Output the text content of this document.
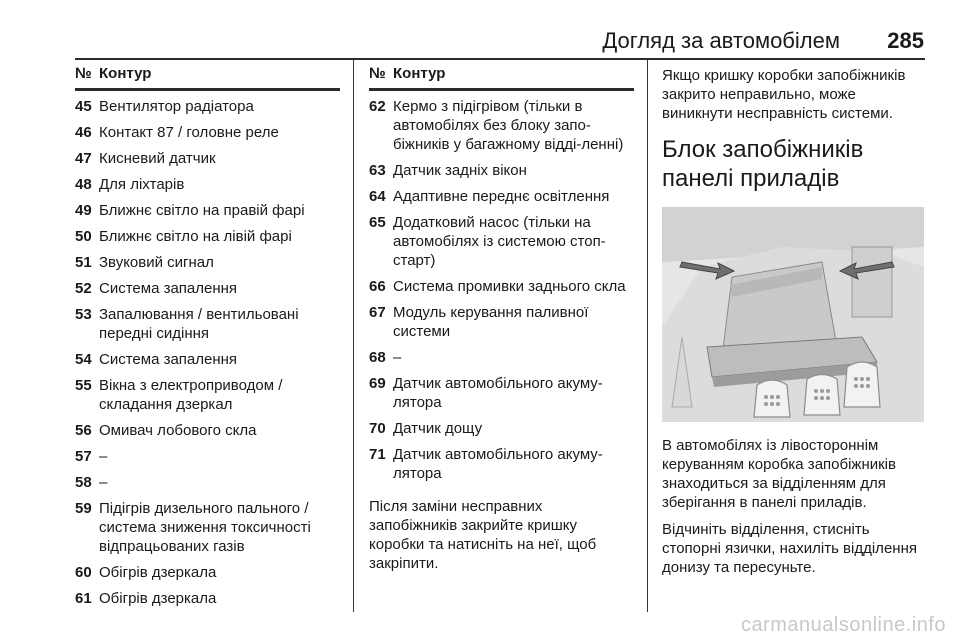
Догляд за автомобілем 285
№ Контур
45 Вентилятор радіатора
46 Контакт 87 / головне реле
47 Кисневий датчик
48 Для ліхтарів
49 Ближнє світло на правій фарі
50 Ближнє світло на лівій фарі
51 Звуковий сигнал
52 Система запалення
53 Запалювання / вентильовані передні сидіння
54 Система запалення
55 Вікна з електроприводом / складання дзеркал
56 Омивач лобового скла
57 –
58 –
59 Підігрів дизельного пального / система зниження токсичності відпрацьованих газів
60 Обігрів дзеркала
61 Обігрів дзеркала
№ Контур
62 Кермо з підігрівом (тільки в автомобілях без блоку запо-біжників у багажному відді-ленні)
63 Датчик задніх вікон
64 Адаптивне переднє освітлення
65 Додатковий насос (тільки на автомобілях із системою стоп-старт)
66 Система промивки заднього скла
67 Модуль керування паливної системи
68 –
69 Датчик автомобільного акуму-лятора
70 Датчик дощу
71 Датчик автомобільного акуму-лятора

Після заміни несправних запобіжників закрийте кришку коробки та натисніть на неї, щоб закріпити.

Якщо кришку коробки запобіжників закрито неправильно, може виникнути несправність системи.

Блок запобіжників панелі приладів

В автомобілях із лівостороннім керуванням коробка запобіжників знаходиться за відділенням для зберігання в панелі приладів.

Відчиніть відділення, стисніть стопорні язички, нахиліть відділення донизу та пересуньте.

carmanualsonline.info
